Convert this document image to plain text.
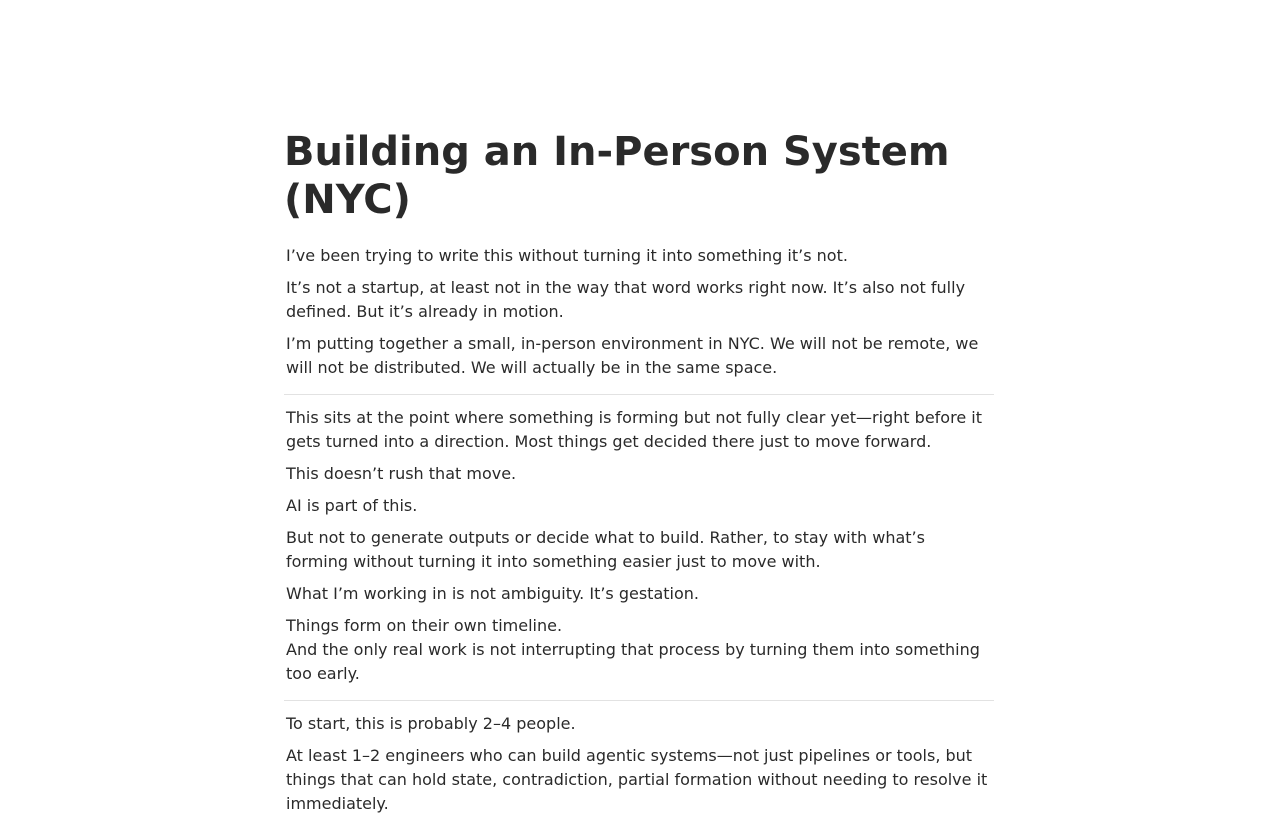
Building an In-Person System (NYC)

I’ve been trying to write this without turning it into something it’s not.

It’s not a startup, at least not in the way that word works right now. It’s also not fully defined. But it’s already in motion.

I’m putting together a small, in-person environment in NYC. We will not be remote, we will not be distributed. We will actually be in the same space.

This sits at the point where something is forming but not fully clear yet—right before it gets turned into a direction. Most things get decided there just to move forward.

This doesn’t rush that move.

AI is part of this.

But not to generate outputs or decide what to build. Rather, to stay with what’s forming without turning it into something easier just to move with.

What I’m working in is not ambiguity. It’s gestation.

Things form on their own timeline.

And the only real work is not interrupting that process by turning them into something too early.

To start, this is probably 2–4 people.

At least 1–2 engineers who can build agentic systems—not just pipelines or tools, but things that can hold state, contradiction, partial formation without needing to resolve it immediately.
